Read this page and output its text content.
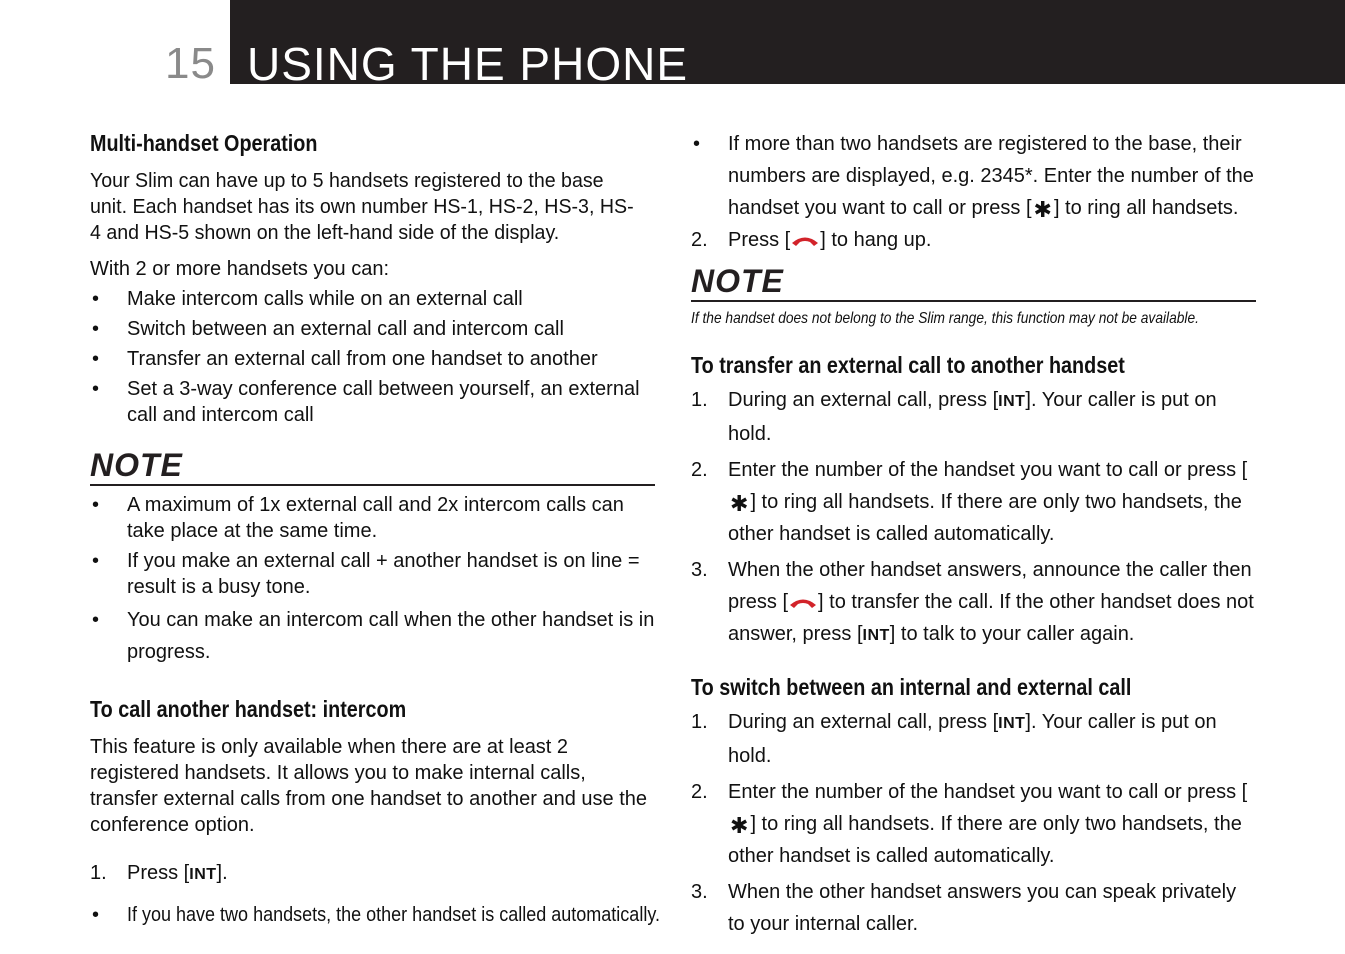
15 USING THE PHONE
Multi-handset Operation

Your Slim can have up to 5 handsets registered to the base unit. Each handset has its own number HS-1, HS-2, HS-3, HS-4 and HS-5 shown on the left-hand side of the display.

With 2 or more handsets you can:

• Make intercom calls while on an external call
• Switch between an external call and intercom call
• Transfer an external call from one handset to another
• Set a 3-way conference call between yourself, an external call and intercom call
NOTE
• A maximum of 1x external call and 2x intercom calls can take place at the same time.
• If you make an external call + another handset is on line = result is a busy tone.
• You can make an intercom call when the other handset is in progress.
To call another handset: intercom

This feature is only available when there are at least 2 registered handsets. It allows you to make internal calls, transfer external calls from one handset to another and use the conference option.

1. Press [INT].
• If you have two handsets, the other handset is called automatically.
• If more than two handsets are registered to the base, their numbers are displayed, e.g. 2345*. Enter the number of the handset you want to call or press [✱ ] to ring all handsets.
2. Press [ ] to hang up.
NOTE

If the handset does not belong to the Slim range, this function may not be available.

To transfer an external call to another handset
1. During an external call, press [INT]. Your caller is put on hold.
2. Enter the number of the handset you want to call or press [✱ ] to ring all handsets. If there are only two handsets, the other handset is called automatically.
3. When the other handset answers, announce the caller then press [ ] to transfer the call. If the other handset does not answer, press [INT] to talk to your caller again.
To switch between an internal and external call
1. During an external call, press [INT]. Your caller is put on hold.
2. Enter the number of the handset you want to call or press [✱ ] to ring all handsets. If there are only two handsets, the other handset is called automatically.
3. When the other handset answers you can speak privately to your internal caller.
